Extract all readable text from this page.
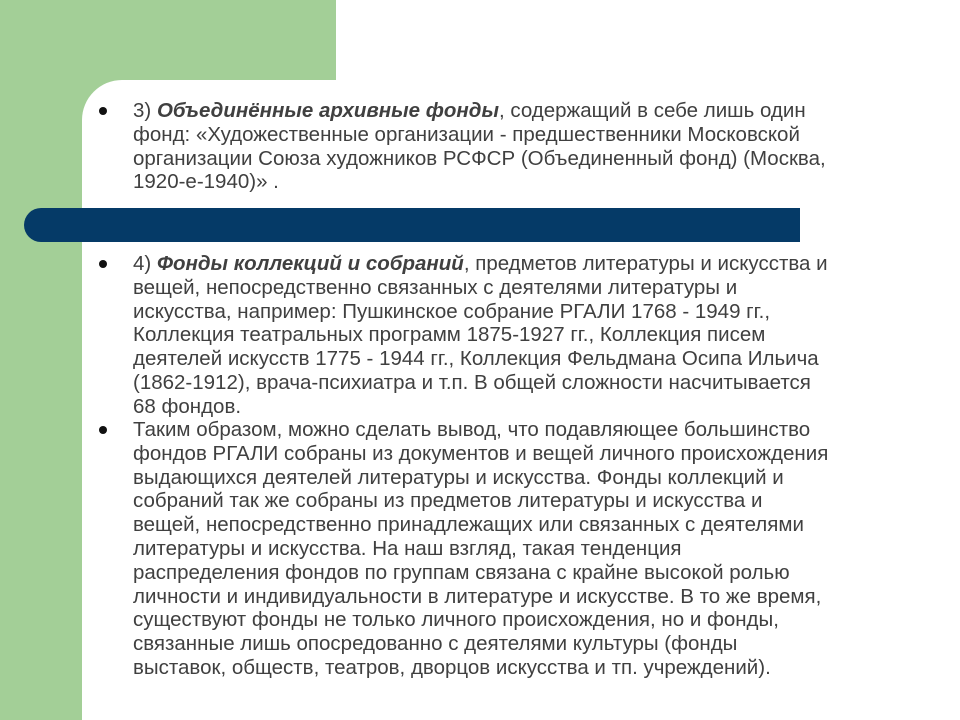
3) Объединённые архивные фонды, содержащий в себе лишь один
фонд: «Художественные организации - предшественники Московской
организации Союза художников РСФСР (Объединенный фонд) (Москва,
1920-е-1940)» .
4) Фонды коллекций и собраний, предметов литературы и искусства и
вещей, непосредственно связанных с деятелями литературы и
искусства, например: Пушкинское собрание РГАЛИ 1768 - 1949 гг.,
Коллекция театральных программ 1875-1927 гг., Коллекция писем
деятелей искусств 1775 - 1944 гг., Коллекция Фельдмана Осипа Ильича
(1862-1912), врача-психиатра и т.п. В общей сложности насчитывается
68 фондов.
Таким образом, можно сделать вывод, что подавляющее большинство
фондов РГАЛИ собраны из документов и вещей личного происхождения
выдающихся деятелей литературы и искусства. Фонды коллекций и
собраний так же собраны из предметов литературы и искусства и
вещей, непосредственно принадлежащих или связанных с деятелями
литературы и искусства. На наш взгляд, такая тенденция
распределения фондов по группам связана с крайне высокой ролью
личности и индивидуальности в литературе и искусстве. В то же время,
существуют фонды не только личного происхождения, но и фонды,
связанные лишь опосредованно с деятелями культуры (фонды
выставок, обществ, театров, дворцов искусства и тп. учреждений).
